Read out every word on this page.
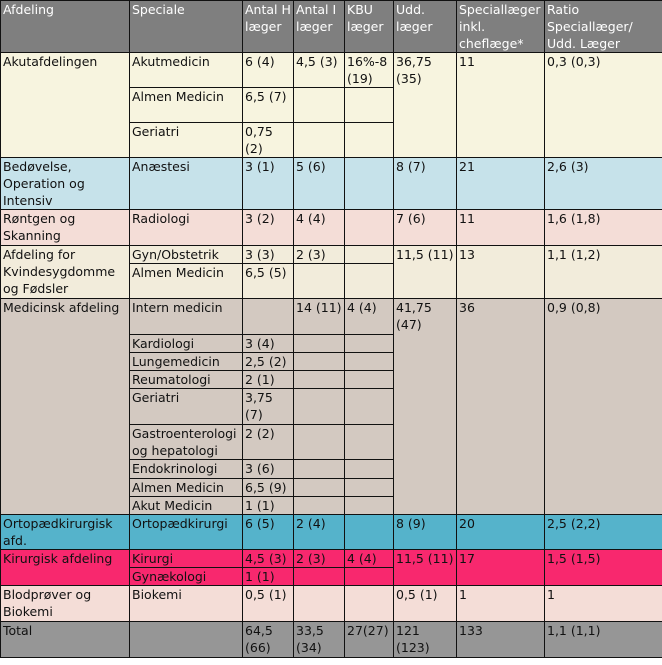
Afdeling	Speciale	Antal H læger	Antal I læger	KBU læger	Udd. læger	Speciallæger inkl. cheflæge*	Ratio Speciallæger/ Udd. Læger
Akutafdelingen	Akutmedicin	6 (4)	4,5 (3)	16%-8 (19)	36,75 (35)	11	0,3 (0,3)
	Almen Medicin	6,5 (7)					
	Geriatri	0,75 (2)					
Bedøvelse, Operation og Intensiv	Anæstesi	3 (1)	5 (6)		8 (7)	21	2,6 (3)
Røntgen og Skanning	Radiologi	3 (2)	4 (4)		7 (6)	11	1,6 (1,8)
Afdeling for Kvindesygdomme og Fødsler	Gyn/Obstetrik	3 (3)	2 (3)		11,5 (11)	13	1,1 (1,2)
	Almen Medicin	6,5 (5)					
Medicinsk afdeling	Intern medicin		14 (11)	4 (4)	41,75 (47)	36	0,9 (0,8)
	Kardiologi	3 (4)					
	Lungemedicin	2,5 (2)					
	Reumatologi	2 (1)					
	Geriatri	3,75 (7)					
	Gastroenterologi og hepatologi	2 (2)					
	Endokrinologi	3 (6)					
	Almen Medicin	6,5 (9)					
	Akut Medicin	1 (1)					
Ortopædkirurgisk afd.	Ortopædkirurgi	6 (5)	2 (4)		8 (9)	20	2,5 (2,2)
Kirurgisk afdeling	Kirurgi	4,5 (3)	2 (3)	4 (4)	11,5 (11)	17	1,5 (1,5)
	Gynækologi	1 (1)					
Blodprøver og Biokemi	Biokemi	0,5 (1)			0,5 (1)	1	1
Total		64,5 (66)	33,5 (34)	27(27)	121 (123)	133	1,1 (1,1)
